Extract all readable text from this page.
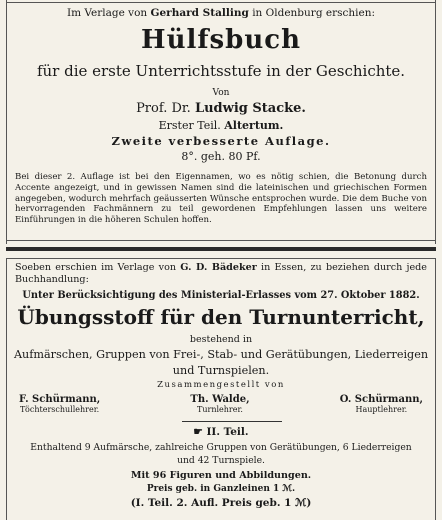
Im Verlage von Gerhard Stalling in Oldenburg erschien:
Hülfsbuch
für die erste Unterrichtsstufe in der Geschichte.
Von
Prof. Dr. Ludwig Stacke.
Erster Teil. Altertum.
Zweite verbesserte Auflage.
8°. geh. 80 Pf.
Bei dieser 2. Auflage ist bei den Eigennamen, wo es nötig schien, die Betonung durch Accente angezeigt, und in gewissen Namen sind die lateinischen und griechischen Formen angegeben, wodurch mehrfach geäusserten Wünsche entsprochen wurde. Die dem Buche von hervorragenden Fachmännern zu teil gewordenen Empfehlungen lassen uns weitere Einführungen in die höheren Schulen hoffen.
Soeben erschien im Verlage von G. D. Bädeker in Essen, zu beziehen durch jede Buchhandlung:
Unter Berücksichtigung des Ministerial-Erlasses vom 27. Oktober 1882.
Übungsstoff für den Turnunterricht,
bestehend in
Aufmärschen, Gruppen von Frei-, Stab- und Gerätübungen, Liederreigen
und Turnspielen.
Zusammengestellt von
F. Schürmann,
Töchterschullehrer.
Th. Walde,
Turnlehrer.
O. Schürmann,
Hauptlehrer.
☛ II. Teil.
Enthaltend 9 Aufmärsche, zahlreiche Gruppen von Gerätübungen, 6 Liederreigen
und 42 Turnspiele.
Mit 96 Figuren und Abbildungen.
Preis geb. in Ganzleinen 1 ℳ.
(I. Teil. 2. Aufl. Preis geb. 1 ℳ)
